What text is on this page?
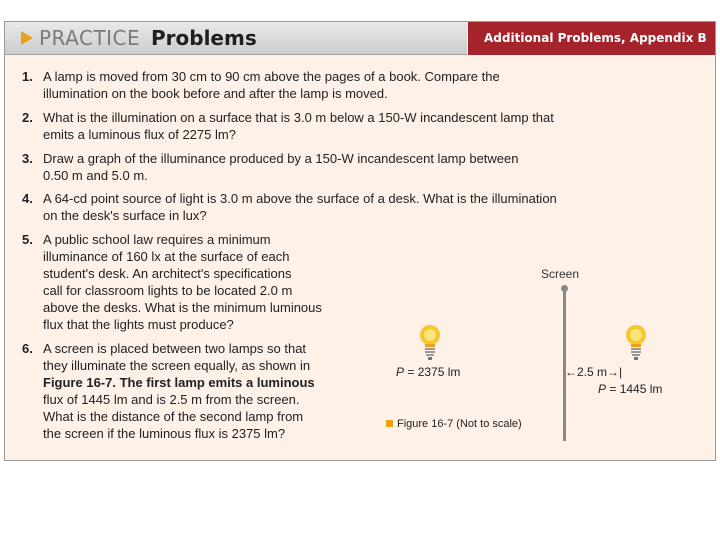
PRACTICE Problems	Additional Problems, Appendix B
1. A lamp is moved from 30 cm to 90 cm above the pages of a book. Compare the
illumination on the book before and after the lamp is moved.
2. What is the illumination on a surface that is 3.0 m below a 150-W incandescent lamp that
emits a luminous flux of 2275 lm?
3. Draw a graph of the illuminance produced by a 150-W incandescent lamp between
0.50 m and 5.0 m.
4. A 64-cd point source of light is 3.0 m above the surface of a desk. What is the illumination
on the desk's surface in lux?
5. A public school law requires a minimum
illuminance of 160 lx at the surface of each
student's desk. An architect's specifications
call for classroom lights to be located 2.0 m
above the desks. What is the minimum luminous
flux that the lights must produce?
6. A screen is placed between two lamps so that
they illuminate the screen equally, as shown in
Figure 16-7. The first lamp emits a luminous
flux of 1445 lm and is 2.5 m from the screen.
What is the distance of the second lamp from
the screen if the luminous flux is 2375 lm?
Screen
P = 2375 lm
P = 1445 lm
←2.5 m→|
Figure 16-7 (Not to scale)
